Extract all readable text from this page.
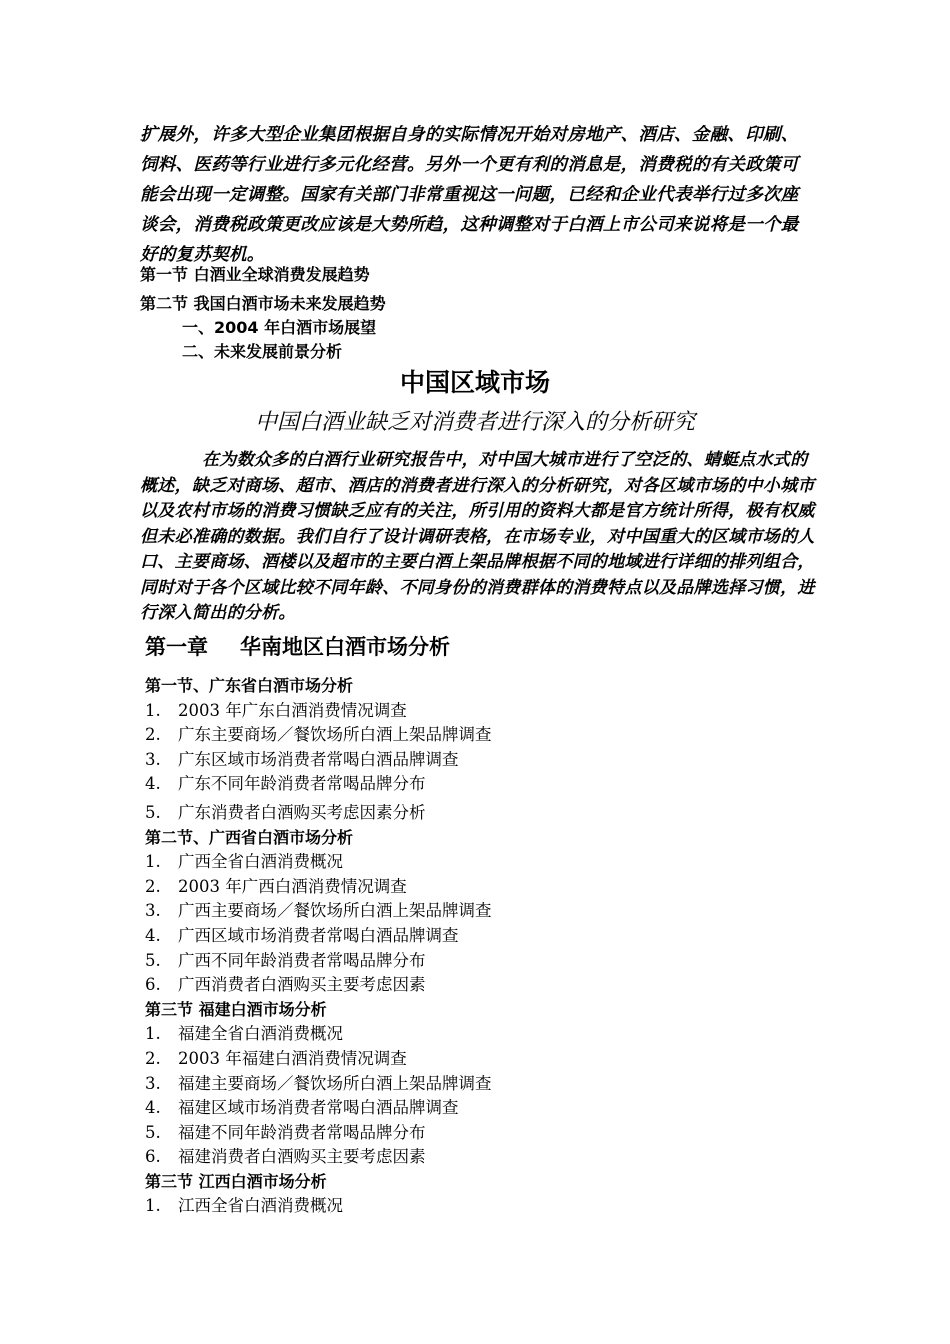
扩展外，许多大型企业集团根据自身的实际情况开始对房地产、酒店、金融、印刷、饲料、医药等行业进行多元化经营。另外一个更有利的消息是，消费税的有关政策可能会出现一定调整。国家有关部门非常重视这一问题，已经和企业代表举行过多次座谈会，消费税政策更改应该是大势所趋，这种调整对于白酒上市公司来说将是一个最好的复苏契机。
第一节 白酒业全球消费发展趋势
第二节 我国白酒市场未来发展趋势
一、2004 年白酒市场展望
二、未来发展前景分析
中国区域市场
中国白酒业缺乏对消费者进行深入的分析研究
在为数众多的白酒行业研究报告中，对中国大城市进行了空泛的、蜻蜓点水式的概述，缺乏对商场、超市、酒店的消费者进行深入的分析研究，对各区域市场的中小城市以及农村市场的消费习惯缺乏应有的关注，所引用的资料大都是官方统计所得，极有权威但未必准确的数据。我们自行了设计调研表格，在市场专业，对中国重大的区域市场的人口、主要商场、酒楼以及超市的主要白酒上架品牌根据不同的地域进行详细的排列组合，同时对于各个区域比较不同年龄、不同身份的消费群体的消费特点以及品牌选择习惯，进行深入简出的分析。
第一章 华南地区白酒市场分析
第一节、广东省白酒市场分析
1. 2003 年广东白酒消费情况调查
2. 广东主要商场／餐饮场所白酒上架品牌调查
3. 广东区域市场消费者常喝白酒品牌调查
4. 广东不同年龄消费者常喝品牌分布
5. 广东消费者白酒购买考虑因素分析
第二节、广西省白酒市场分析
1. 广西全省白酒消费概况
2. 2003 年广西白酒消费情况调查
3. 广西主要商场／餐饮场所白酒上架品牌调查
4. 广西区域市场消费者常喝白酒品牌调查
5. 广西不同年龄消费者常喝品牌分布
6. 广西消费者白酒购买主要考虑因素
第三节 福建白酒市场分析
1. 福建全省白酒消费概况
2. 2003 年福建白酒消费情况调查
3. 福建主要商场／餐饮场所白酒上架品牌调查
4. 福建区域市场消费者常喝白酒品牌调查
5. 福建不同年龄消费者常喝品牌分布
6. 福建消费者白酒购买主要考虑因素
第三节 江西白酒市场分析
1. 江西全省白酒消费概况
